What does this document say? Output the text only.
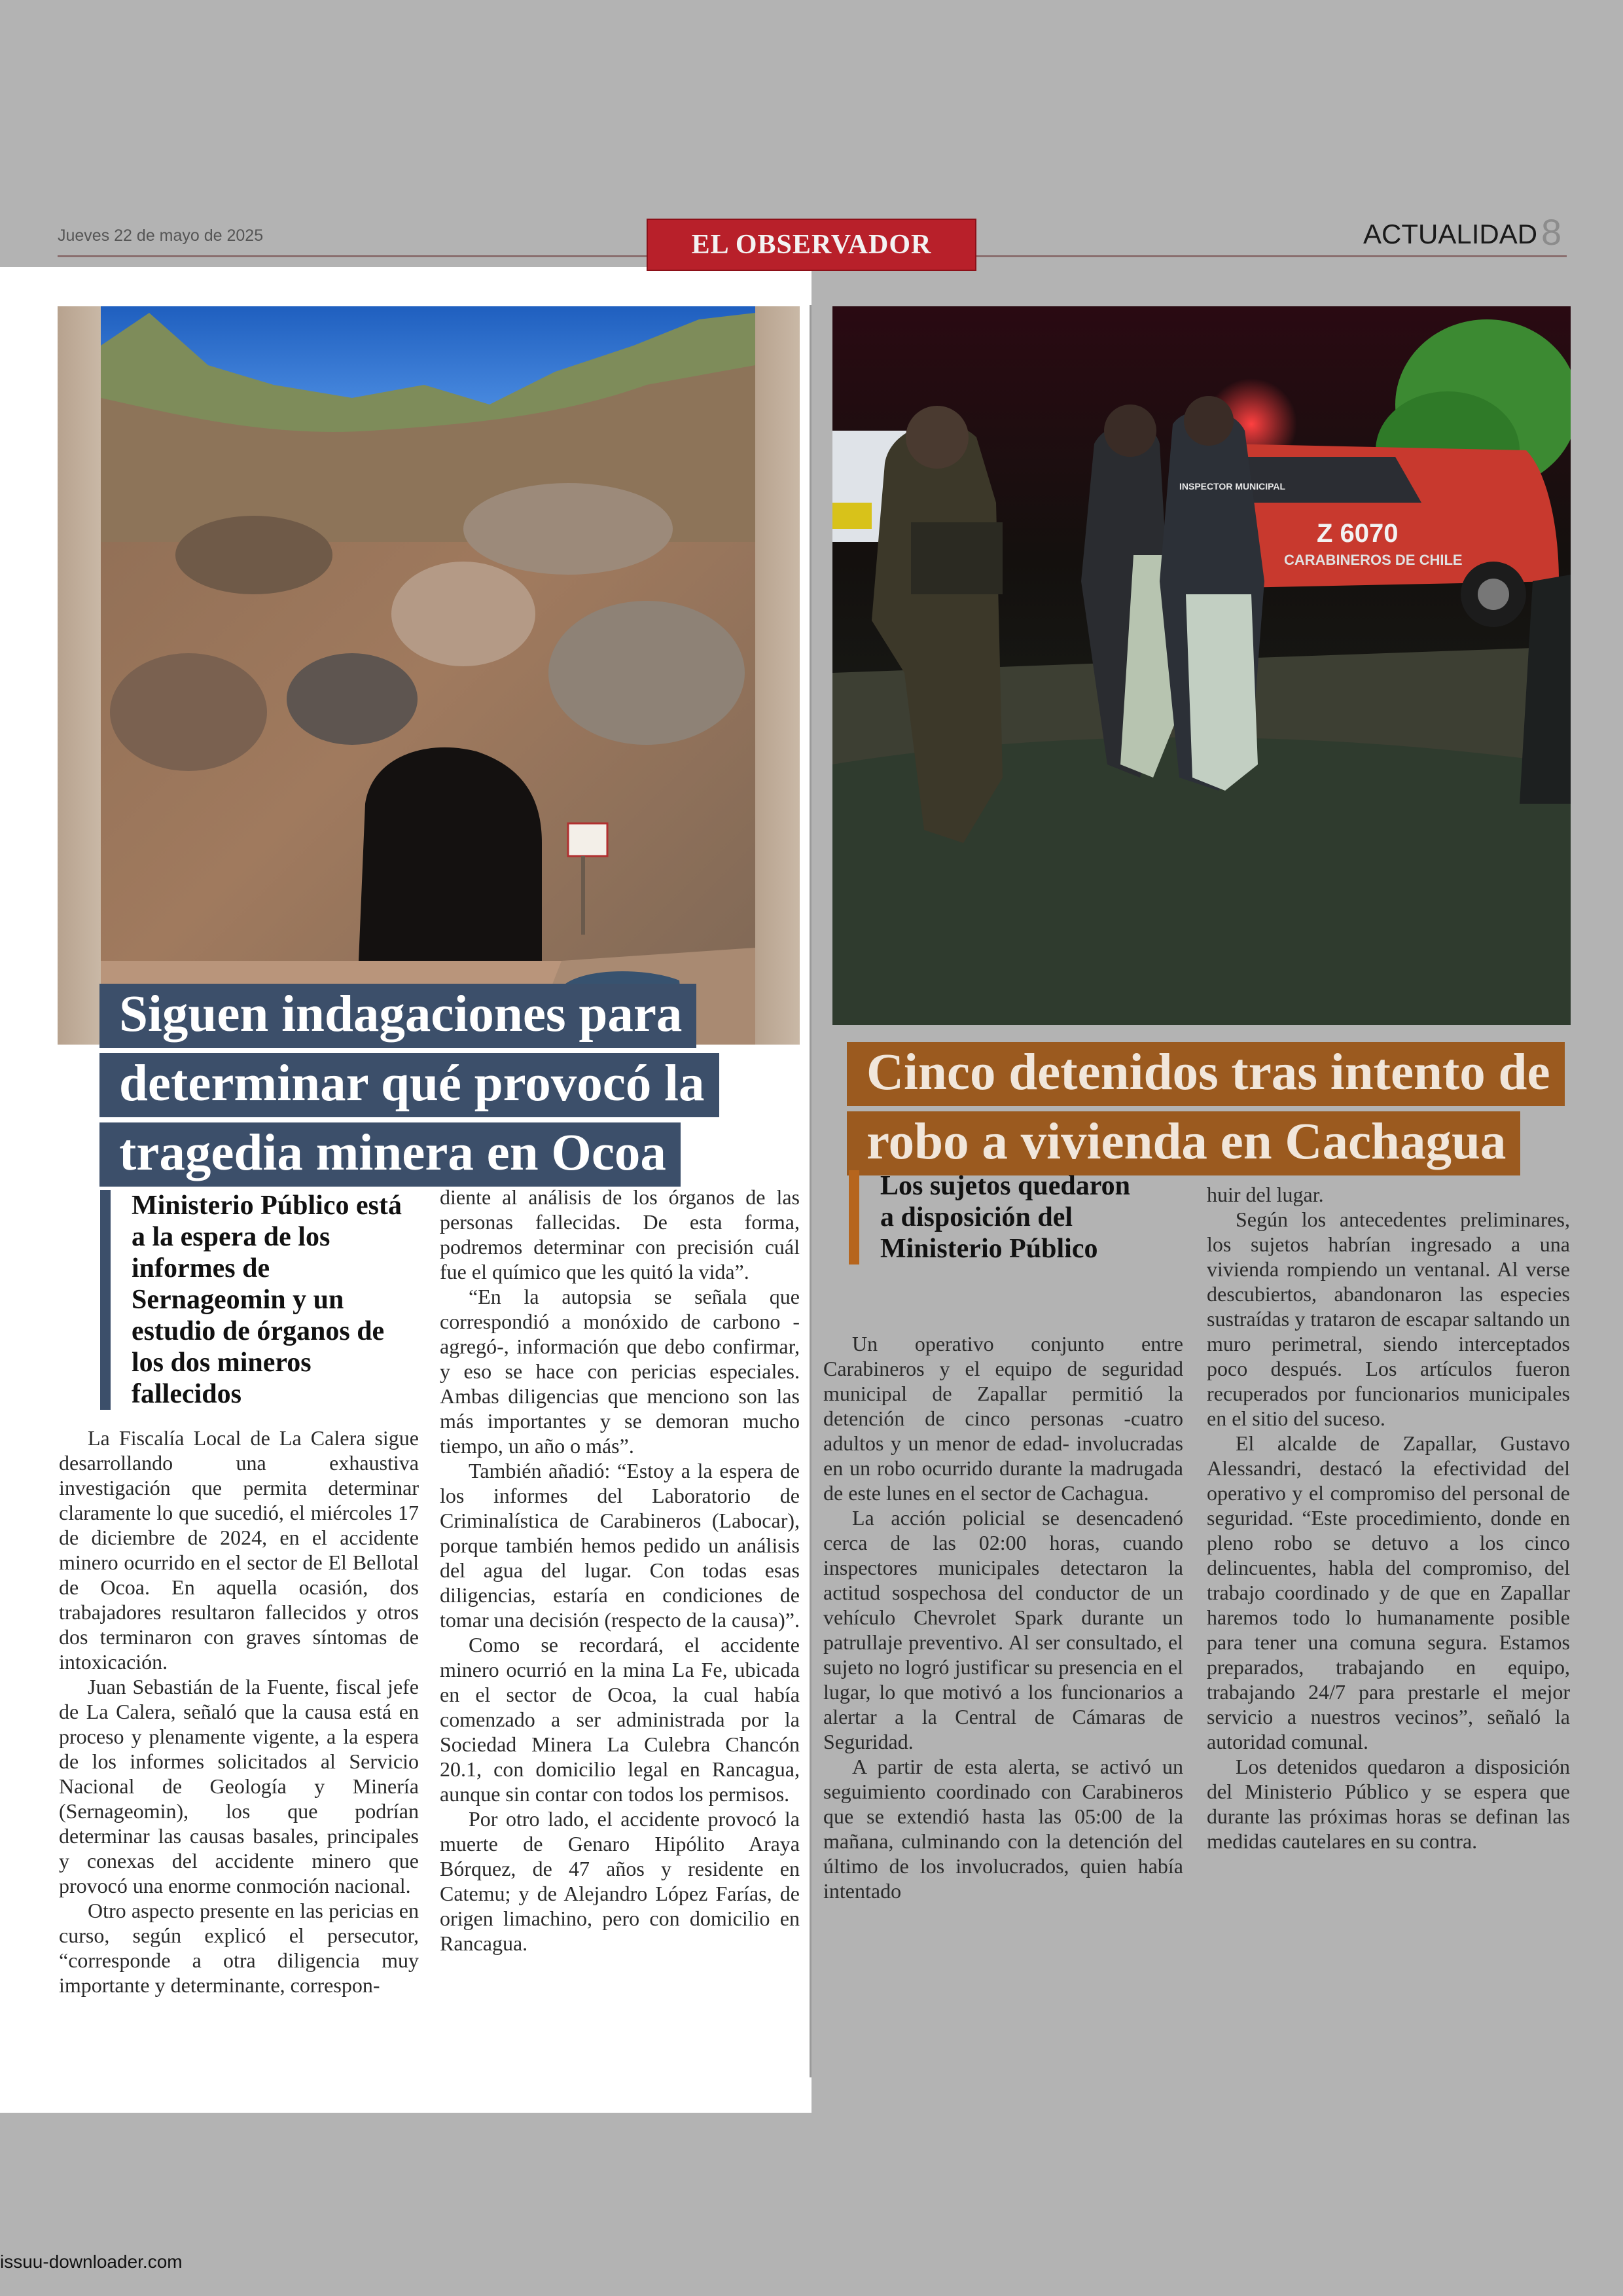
Jueves 22 de mayo de 2025	EL OBSERVADOR	ACTUALIDAD 8
Siguen indagaciones para
determinar qué provocó la
tragedia minera en Ocoa
Ministerio Público está a la espera de los informes de Sernageomin y un estudio de órganos de los dos mineros fallecidos

La Fiscalía Local de La Calera sigue desarrollando una exhaustiva investigación que permita determinar claramente lo que sucedió, el miércoles 17 de diciembre de 2024, en el accidente minero ocurrido en el sector de El Bellotal de Ocoa. En aquella ocasión, dos trabajadores resultaron fallecidos y otros dos terminaron con graves síntomas de intoxicación.

Juan Sebastián de la Fuente, fiscal jefe de La Calera, señaló que la causa está en proceso y plenamente vigente, a la espera de los informes solicitados al Servicio Nacional de Geología y Minería (Sernageomin), los que podrían determinar las causas basales, principales y conexas del accidente minero que provocó una enorme conmoción nacional.

Otro aspecto presente en las pericias en curso, según explicó el persecutor, “corresponde a otra diligencia muy importante y determinante, correspon-

diente al análisis de los órganos de las personas fallecidas. De esta forma, podremos determinar con precisión cuál fue el químico que les quitó la vida”.

“En la autopsia se señala que correspondió a monóxido de carbono -agregó-, información que debo confirmar, y eso se hace con pericias especiales. Ambas diligencias que menciono son las más importantes y se demoran mucho tiempo, un año o más”.

También añadió: “Estoy a la espera de los informes del Laboratorio de Criminalística de Carabineros (Labocar), porque también hemos pedido un análisis del agua del lugar. Con todas esas diligencias, estaría en condiciones de tomar una decisión (respecto de la causa)”.

Como se recordará, el accidente minero ocurrió en la mina La Fe, ubicada en el sector de Ocoa, la cual había comenzado a ser administrada por la Sociedad Minera La Culebra Chancón 20.1, con domicilio legal en Rancagua, aunque sin contar con todos los permisos.

Por otro lado, el accidente provocó la muerte de Genaro Hipólito Araya Bórquez, de 47 años y residente en Catemu; y de Alejandro López Farías, de origen limachino, pero con domicilio en Rancagua.

CARABINEROS DE CHILE
Z 6070
INSPECTOR MUNICIPAL
Cinco detenidos tras intento de
robo a vivienda en Cachagua
Los sujetos quedaron a disposición del Ministerio Público

Un operativo conjunto entre Carabineros y el equipo de seguridad municipal de Zapallar permitió la detención de cinco personas -cuatro adultos y un menor de edad- involucradas en un robo ocurrido durante la madrugada de este lunes en el sector de Cachagua.

La acción policial se desencadenó cerca de las 02:00 horas, cuando inspectores municipales detectaron la actitud sospechosa del conductor de un vehículo Chevrolet Spark durante un patrullaje preventivo. Al ser consultado, el sujeto no logró justificar su presencia en el lugar, lo que motivó a los funcionarios a alertar a la Central de Cámaras de Seguridad.

A partir de esta alerta, se activó un seguimiento coordinado con Carabineros que se extendió hasta las 05:00 de la mañana, culminando con la detención del último de los involucrados, quien había intentado

huir del lugar.

Según los antecedentes preliminares, los sujetos habrían ingresado a una vivienda rompiendo un ventanal. Al verse descubiertos, abandonaron las especies sustraídas y trataron de escapar saltando un muro perimetral, siendo interceptados poco después. Los artículos fueron recuperados por funcionarios municipales en el sitio del suceso.

El alcalde de Zapallar, Gustavo Alessandri, destacó la efectividad del operativo y el compromiso del personal de seguridad. “Este procedimiento, donde en pleno robo se detuvo a los cinco delincuentes, habla del compromiso, del trabajo coordinado y de que en Zapallar haremos todo lo humanamente posible para tener una comuna segura. Estamos preparados, trabajando en equipo, trabajando 24/7 para prestarle el mejor servicio a nuestros vecinos”, señaló la autoridad comunal.

Los detenidos quedaron a disposición del Ministerio Público y se espera que durante las próximas horas se definan las medidas cautelares en su contra.

issuu-downloader.com
